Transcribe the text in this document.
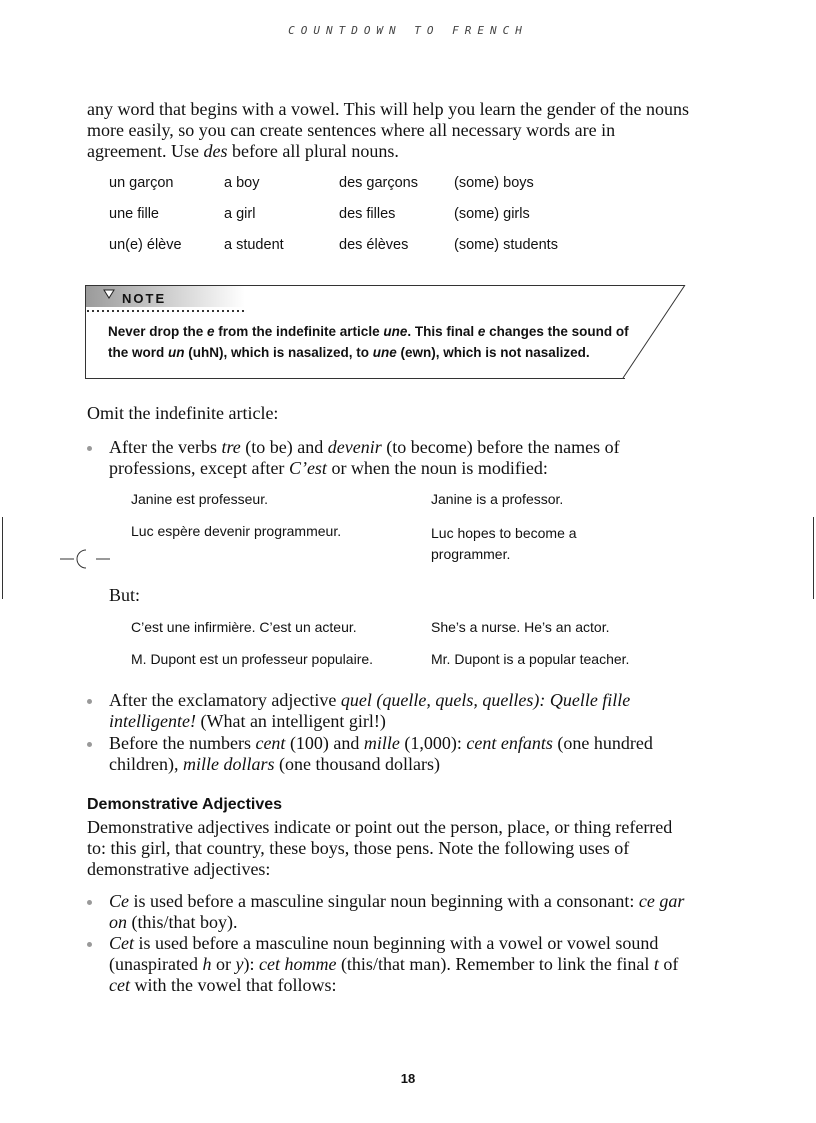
COUNTDOWN TO FRENCH
any word that begins with a vowel. This will help you learn the gender of the nouns more easily, so you can create sentences where all necessary words are in agreement. Use des before all plural nouns.
un garçon	a boy	des garçons (some) boys
une fille	a girl	des filles	(some) girls
un(e) élève	a student	des élèves	(some) students
NOTE
Never drop the e from the indefinite article une. This final e changes the sound of the word un (uhN), which is nasalized, to une (ewn), which is not nasalized.
Omit the indefinite article:
After the verbs tre (to be) and devenir (to become) before the names of professions, except after C’est or when the noun is modified:
Janine est professeur.	Janine is a professor.
Luc espère devenir programmeur.	Luc hopes to become a programmer.
But:
C’est une infirmière. C’est un acteur.	She’s a nurse. He’s an actor.
M. Dupont est un professeur populaire.	Mr. Dupont is a popular teacher.
After the exclamatory adjective quel (quelle, quels, quelles): Quelle fille intelligente! (What an intelligent girl!)
Before the numbers cent (100) and mille (1,000): cent enfants (one hundred children), mille dollars (one thousand dollars)
Demonstrative Adjectives
Demonstrative adjectives indicate or point out the person, place, or thing referred to: this girl, that country, these boys, those pens. Note the following uses of demonstrative adjectives:
Ce is used before a masculine singular noun beginning with a consonant: ce gar on (this/that boy).
Cet is used before a masculine noun beginning with a vowel or vowel sound (unaspirated h or y): cet homme (this/that man). Remember to link the final t of cet with the vowel that follows:
18
